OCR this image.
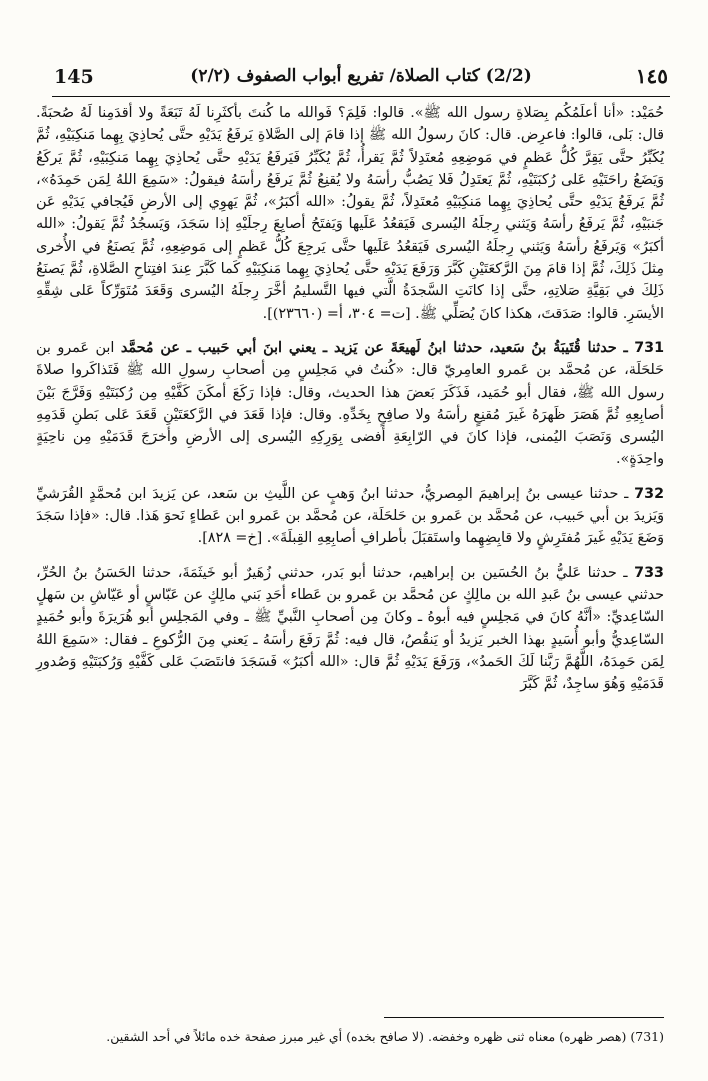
145	(2/2) كتاب الصلاة/ تفريع أبواب الصفوف (٢/٢)	١٤٥

حُمَيْد: «أنا أعلَمُكُم بِصَلاةِ رسول الله ﷺ». قالوا: فَلِمَ؟ فَوالله ما كُنتَ بأكثَرِنا لَهُ تَبَعَةً ولا أقدَمِنا لَهُ صُحبَةً. قال: بَلى، قالوا: فاعرِض. قال: كانَ رسولُ الله ﷺ إذا قامَ إلى الصَّلاةِ يَرفَعُ يَدَيْهِ حتَّى يُحاذِيَ بِهِما مَنكِبَيْهِ، ثُمَّ يُكَبِّرُ حتَّى يَقِرَّ كُلُّ عَظمٍ في مَوضِعِهِ مُعتَدِلاً ثُمَّ يَقرأُ، ثُمَّ يُكَبِّرُ فَيَرفَعُ يَدَيْهِ حتَّى يُحاذِيَ بِهِما مَنكِبَيْهِ، ثُمَّ يَركَعُ وَيَضَعُ راحَتَيْهِ عَلى رُكبَتَيْهِ، ثُمَّ يَعتَدِلُ فَلا يَصُبُّ رأسَهُ ولا يُقنِعُ ثُمَّ يَرفَعُ رأسَهُ فيقولُ: «سَمِعَ اللهُ لِمَن حَمِدَهُ»، ثُمَّ يَرفَعُ يَدَيْهِ حتَّى يُحاذِيَ بِهِما مَنكِبَيْهِ مُعتَدِلاً، ثُمَّ يقولُ: «الله أكبَرُ»، ثُمَّ يَهوِي إلى الأرضِ فَيُجافي يَدَيْهِ عَن جَنبَيْهِ، ثُمَّ يَرفَعُ رأسَهُ وَيَثني رِجلَهُ اليُسرى فَيَقعُدُ عَلَيها وَيَفتَحُ أصابِعَ رِجلَيْهِ إذا سَجَدَ، وَيَسجُدُ ثُمَّ يَقولُ: «الله أكبَرُ» وَيَرفَعُ رأسَهُ وَيَثني رِجلَهُ اليُسرى فَيَقعُدُ عَلَيها حتَّى يَرجِعَ كُلُّ عَظمٍ إلى مَوضِعِهِ، ثُمَّ يَصنَعُ في الأُخرى مِثلَ ذَلِكَ، ثُمَّ إذا قامَ مِنَ الرَّكعَتَيْنِ كَبَّرَ وَرَفَعَ يَدَيْهِ حتَّى يُحاذِيَ بِهِما مَنكِبَيْهِ كَما كَبَّرَ عِندَ افتِتاحِ الصَّلاةِ، ثُمَّ يَصنَعُ ذَلِكَ في بَقِيَّةِ صَلاتِهِ، حتَّى إذا كانَتِ السَّجدَةُ الَّتي فيها التَّسليمُ أخَّرَ رِجلَهُ اليُسرى وَقَعَدَ مُتَوَرِّكاً عَلى شِقِّهِ الأيسَرِ. قالوا: صَدَقتَ، هكذا كانَ يُصَلِّي ﷺ. [ت= ٣٠٤، أ= (٢٣٦٦٠)].

731 ـ حدثنا قُتَيبَةُ بنُ سَعيد، حدثنا ابنُ لَهيعَةَ عن يَزيد ـ يعني ابنَ أبي حَبيب ـ عن مُحمَّد ابن عَمرو بن حَلحَلَة، عن مُحمَّد بن عَمرو العامِريّ قال: «كُنتُ في مَجلِسٍ مِن أصحابِ رسولِ الله ﷺ فَتَذاكَروا صلاةَ رسول الله ﷺ، فقال أبو حُمَيد، فَذَكَرَ بَعضَ هذا الحديث، وقال: فإذا رَكَعَ أمكَنَ كَفَّيْهِ مِن رُكبَتَيْهِ وَفَرَّجَ بَيْنَ أصابِعِهِ ثُمَّ هَصَرَ ظَهرَهُ غَيرَ مُقنِعٍ رأسَهُ ولا صافِحٍ بِخَدِّهِ. وقال: فإذا قَعَدَ في الرَّكعَتَيْنِ قَعَدَ عَلى بَطنِ قَدَمِهِ اليُسرى وَنَصَبَ اليُمنى، فإذا كانَ في الرّابِعَةِ أفضى بِوَرِكِهِ اليُسرى إلى الأرضِ وأخرَجَ قَدَمَيْهِ مِن ناحِيَةٍ واحِدَةٍ».

732 ـ حدثنا عيسى بنُ إبراهيمَ المِصريُّ، حدثنا ابنُ وَهبٍ عن اللَّيثِ بن سَعد، عن يَزيدَ ابن مُحمَّدٍ القُرَشيِّ وَيَزيدَ بن أبي حَبيب، عن مُحمَّد بن عَمرو بن حَلحَلَة، عن مُحمَّد بن عَمرو ابن عَطاءٍ نَحوَ هَذا. قال: «فإذا سَجَدَ وَضَعَ يَدَيْهِ غَيرَ مُفتَرِشٍ ولا قابِضِهِما واستَقبَلَ بأطرافِ أصابِعِهِ القِبلَةَ». [خ= ٨٢٨].

733 ـ حدثنا عَليُّ بنُ الحُسَين بن إبراهيم، حدثنا أبو بَدر، حدثني زُهَيرٌ أبو خَيثَمَةَ، حدثنا الحَسَنُ بنُ الحُرِّ، حدثني عيسى بنُ عَبدِ الله بن مالِكٍ عن مُحمَّد بن عَمرو بن عَطاء أحَدِ بَني مالِكٍ عن عَبّاسٍ أو عَيّاشِ بن سَهلٍ السّاعِديِّ: «أنَّهُ كانَ في مَجلِسٍ فيه أبوهُ ـ وكانَ مِن أصحابِ النَّبيِّ ﷺ ـ وفي المَجلِسِ أبو هُرَيرَةَ وأبو حُمَيدٍ السّاعِديُّ وأبو أُسَيدٍ بهذا الخبر يَزيدُ أو يَنقُصُ، قال فيه: ثُمَّ رَفَعَ رأسَهُ ـ يَعني مِنَ الرُّكوعِ ـ فقال: «سَمِعَ اللهُ لِمَن حَمِدَهُ، اللَّهُمَّ رَبَّنا لَكَ الحَمدُ»، وَرَفَعَ يَدَيْهِ ثُمَّ قال: «الله أكبَرُ» فَسَجَدَ فانتَصَبَ عَلى كَفَّيْهِ وَرُكبَتَيْهِ وَصُدورِ قَدَمَيْهِ وَهُوَ ساجِدٌ، ثُمَّ كَبَّرَ

(731) (هصر ظهره) معناه ثنى ظهره وخفضه. (لا صافح بخده) أي غير مبرز صفحة خده مائلاً في أحد الشقين.
